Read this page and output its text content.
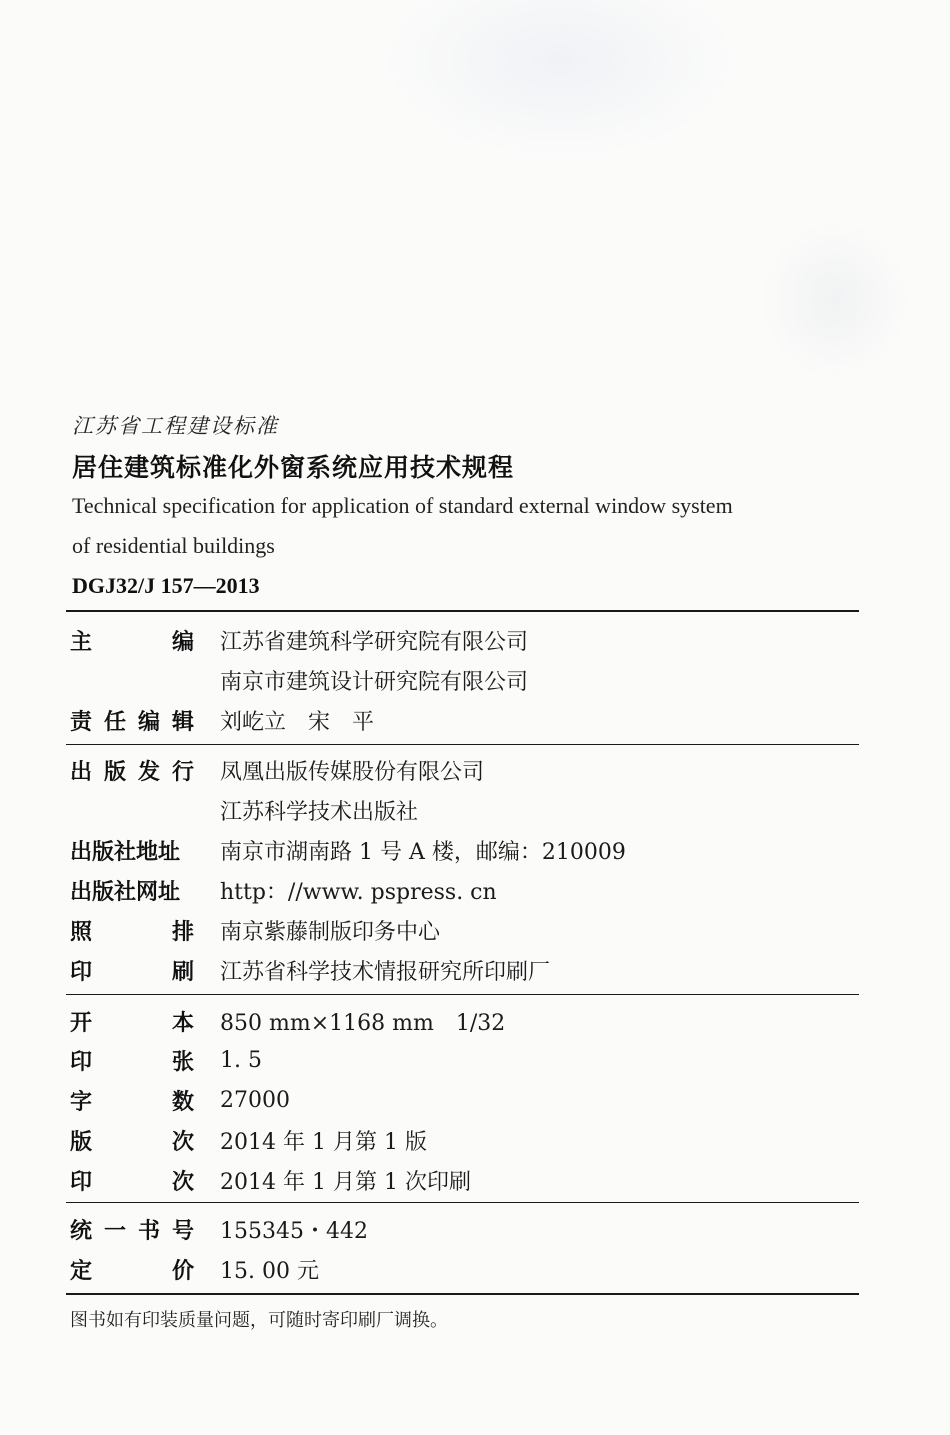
江苏省工程建设标准
居住建筑标准化外窗系统应用技术规程
Technical specification for application of standard external window system
of residential buildings
DGJ32/J 157—2013
主	编 江苏省建筑科学研究院有限公司
南京市建筑设计研究院有限公司
责 任 编 辑 刘屹立　宋　平
出 版 发 行 凤凰出版传媒股份有限公司
江苏科学技术出版社
出版社地址 南京市湖南路 1 号 A 楼，邮编：210009
出版社网址 http：//www. pspress. cn
照	排 南京紫藤制版印务中心
印	刷 江苏省科学技术情报研究所印刷厂
开	本 850 mm×1168 mm　1/32
印	张 1. 5
字	数 27000
版	次 2014 年 1 月第 1 版
印	次 2014 年 1 月第 1 次印刷
统 一 书 号 155345・442
定	价 15. 00 元
图书如有印装质量问题，可随时寄印刷厂调换。
